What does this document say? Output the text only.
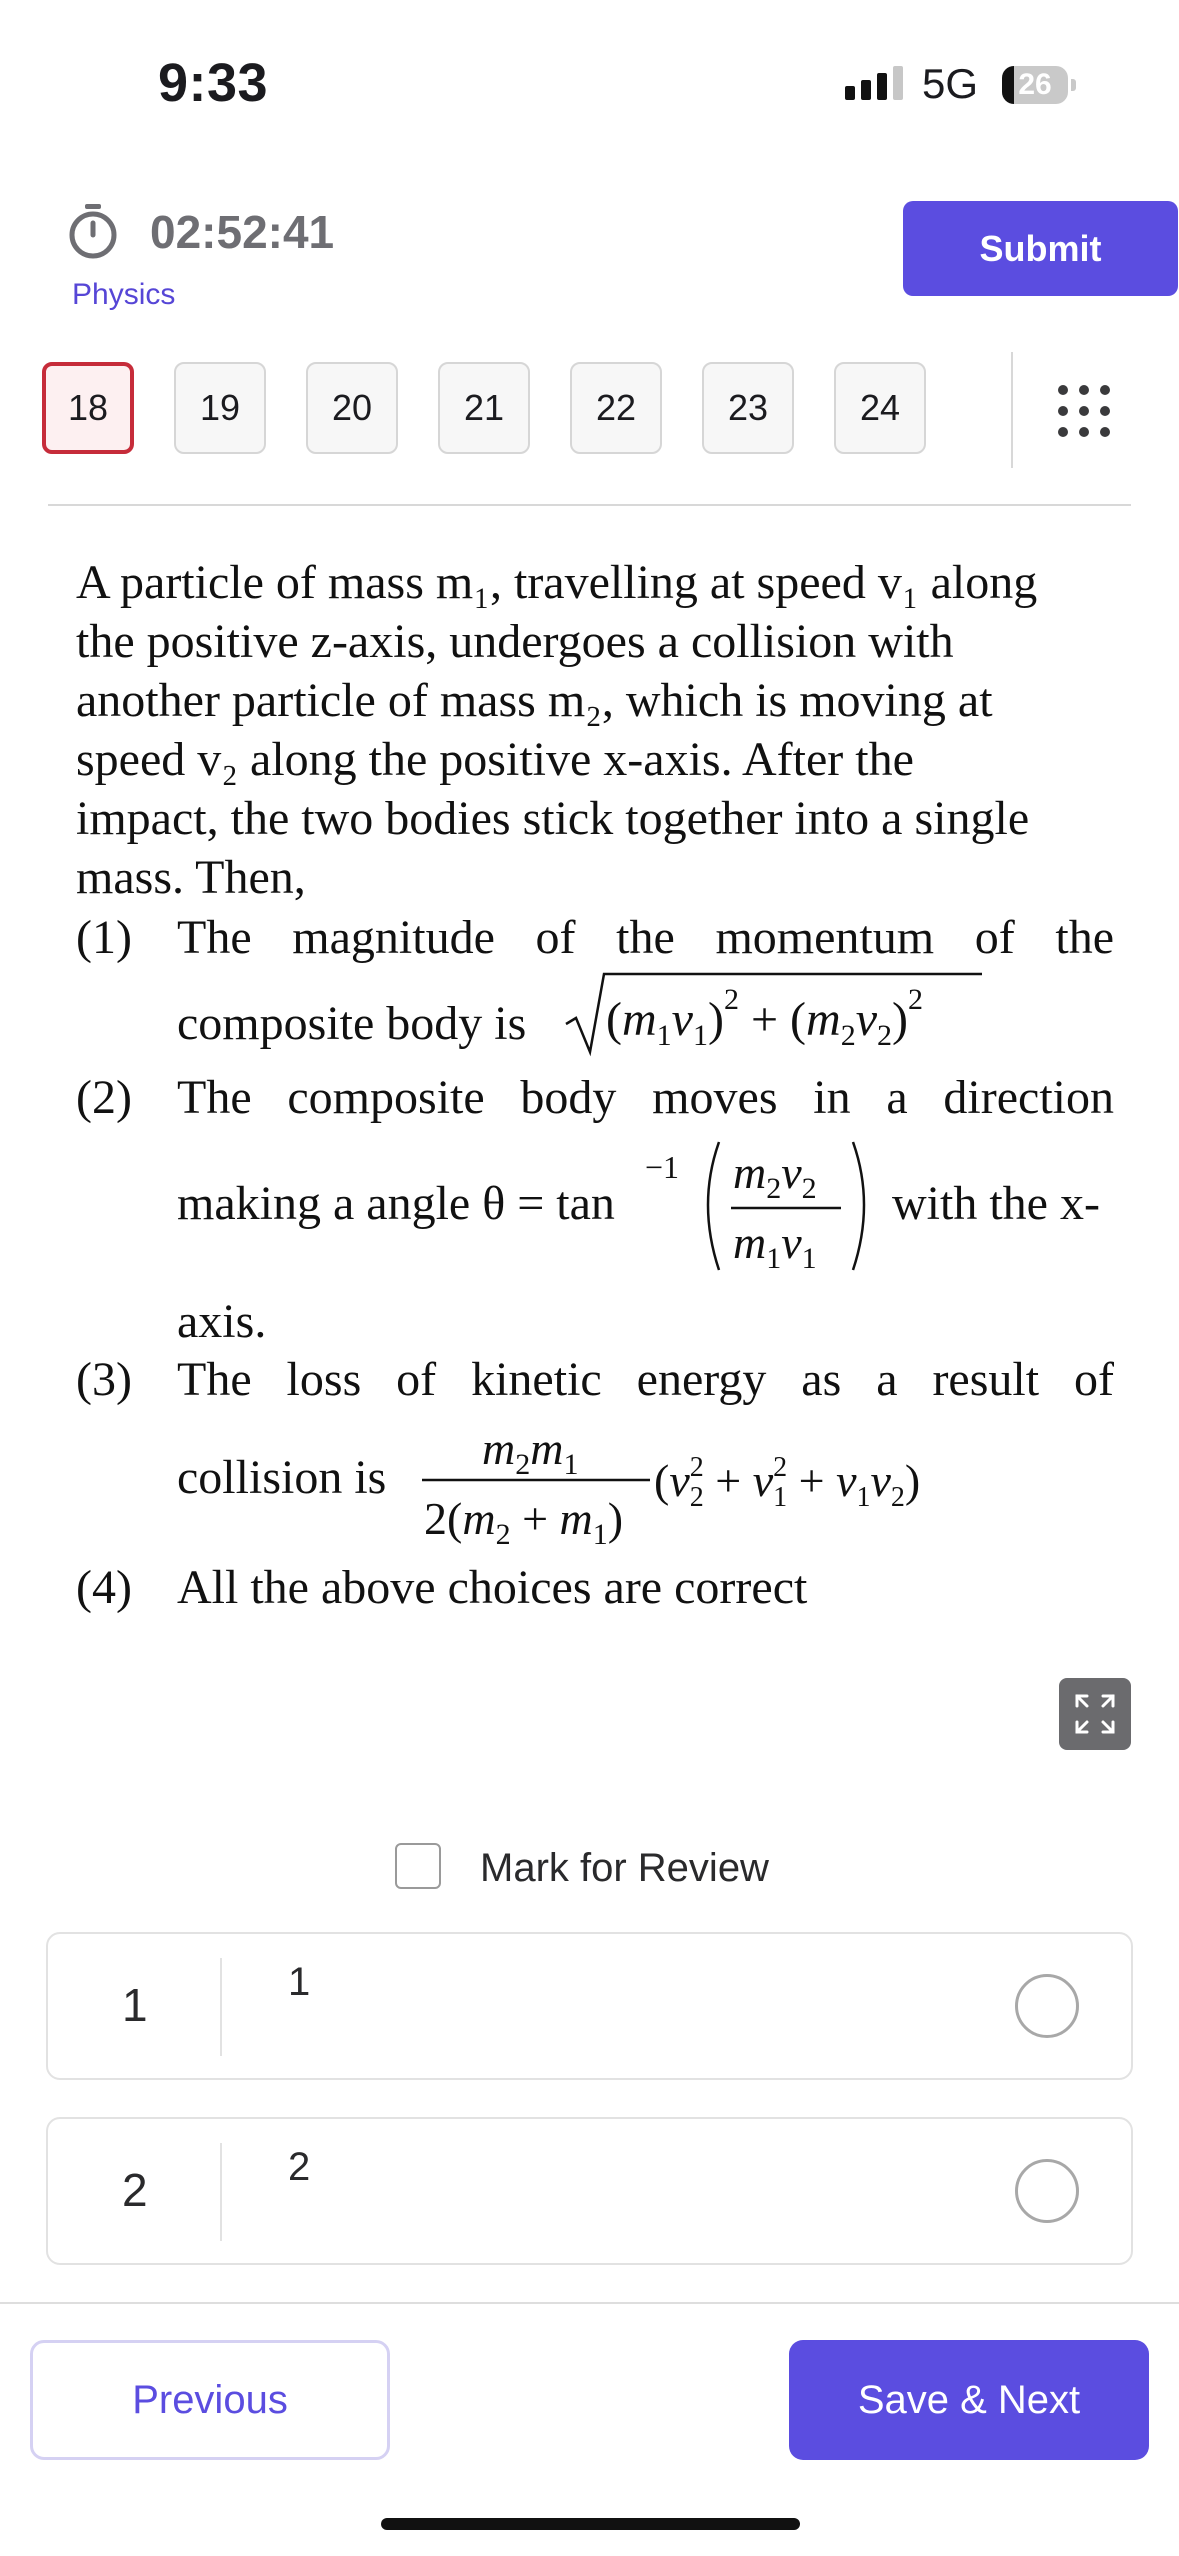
9:33	5G	26
02:52:41
Physics
Submit
18	19	20	21	22	23	24
A particle of mass m₁, travelling at speed v₁ along
the positive z-axis, undergoes a collision with
another particle of mass m₂, which is moving at
speed v₂ along the positive x-axis. After the
impact, the two bodies stick together into a single
mass. Then,
(1) The magnitude of the momentum of the
composite body is $(m_1v_1)^2 + (m_2v_2)^2$
(2) The composite body moves in a direction
making a angle θ = tan
−1 $m_2v_2$
$m_1v_1$
with the x-
axis.
(3) The loss of kinetic energy as a result of
collision is
$m_2m_1$
$2(m_2 + m_1)$
($v^2$ $2 + v^2$ $1 + v_1v_2$)
(4) All the above choices are correct
Mark for Review
1	1
2	2
Previous	Save & Next
